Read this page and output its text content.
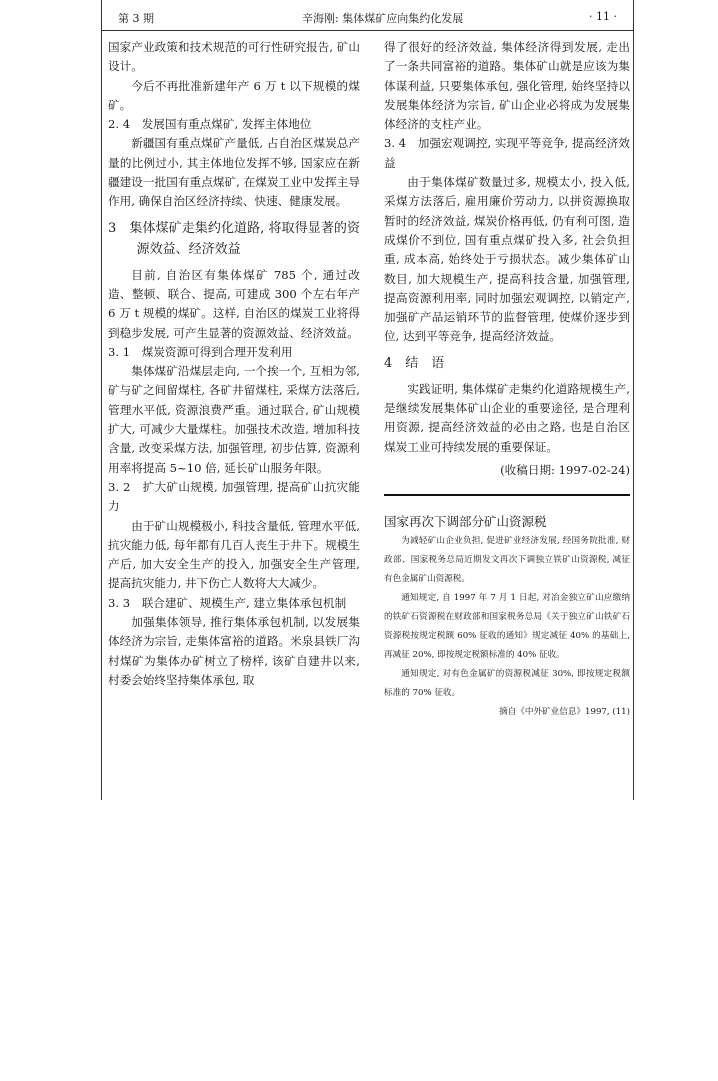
第 3 期	辛海刚: 集体煤矿应向集约化发展	· 11 ·

国家产业政策和技术规范的可行性研究报告, 矿山设计。

今后不再批准新建年产 6 万 t 以下规模的煤矿。

2. 4　发展国有重点煤矿, 发挥主体地位

新疆国有重点煤矿产量低, 占自治区煤炭总产量的比例过小, 其主体地位发挥不够, 国家应在新疆建设一批国有重点煤矿, 在煤炭工业中发挥主导作用, 确保自治区经济持续、快速、健康发展。

3　集体煤矿走集约化道路, 将取得显著的资源效益、经济效益

目前, 自治区有集体煤矿 785 个, 通过改造、整顿、联合、提高, 可建成 300 个左右年产 6 万 t 规模的煤矿。这样, 自治区的煤炭工业将得到稳步发展, 可产生显著的资源效益、经济效益。

3. 1　煤炭资源可得到合理开发利用

集体煤矿沿煤层走向, 一个挨一个, 互相为邻, 矿与矿之间留煤柱, 各矿井留煤柱, 采煤方法落后, 管理水平低, 资源浪费严重。通过联合, 矿山规模扩大, 可减少大量煤柱。加强技术改造, 增加科技含量, 改变采煤方法, 加强管理, 初步估算, 资源利用率将提高 5~10 倍, 延长矿山服务年限。

3. 2　扩大矿山规模, 加强管理, 提高矿山抗灾能力

由于矿山规模极小, 科技含量低, 管理水平低, 抗灾能力低, 每年都有几百人丧生于井下。规模生产后, 加大安全生产的投入, 加强安全生产管理, 提高抗灾能力, 井下伤亡人数将大大减少。

3. 3　联合建矿、规模生产, 建立集体承包机制

加强集体领导, 推行集体承包机制, 以发展集体经济为宗旨, 走集体富裕的道路。米泉县铁厂沟村煤矿为集体办矿树立了榜样, 该矿自建井以来, 村委会始终坚持集体承包, 取

得了很好的经济效益, 集体经济得到发展, 走出了一条共同富裕的道路。集体矿山就是应该为集体谋利益, 只要集体承包, 强化管理, 始终坚持以发展集体经济为宗旨, 矿山企业必将成为发展集体经济的支柱产业。

3. 4　加强宏观调控, 实现平等竞争, 提高经济效益

由于集体煤矿数量过多, 规模太小, 投入低, 采煤方法落后, 雇用廉价劳动力, 以拼资源换取暂时的经济效益, 煤炭价格再低, 仍有利可图, 造成煤价不到位, 国有重点煤矿投入多, 社会负担重, 成本高, 始终处于亏损状态。减少集体矿山数目, 加大规模生产, 提高科技含量, 加强管理, 提高资源利用率, 同时加强宏观调控, 以销定产, 加强矿产品运销环节的监督管理, 使煤价逐步到位, 达到平等竞争, 提高经济效益。

4　结　语

实践证明, 集体煤矿走集约化道路规模生产, 是继续发展集体矿山企业的重要途径, 是合理利用资源, 提高经济效益的必由之路, 也是自治区煤炭工业可持续发展的重要保证。

(收稿日期: 1997-02-24)

国家再次下调部分矿山资源税

为减轻矿山企业负担, 促进矿业经济发展, 经国务院批准, 财政部、国家税务总局近期发文再次下调独立铁矿山资源税, 减征有色金属矿山资源税。

通知规定, 自 1997 年 7 月 1 日起, 对冶金独立矿山应缴纳的铁矿石资源税在财政部和国家税务总局《关于独立矿山铁矿石资源税按规定税额 60% 征收的通知》规定减征 40% 的基础上, 再减征 20%, 即按规定税额标准的 40% 征收。

通知规定, 对有色金属矿的资源税减征 30%, 即按规定税额标准的 70% 征收。

摘自《中外矿业信息》1997, (11)
